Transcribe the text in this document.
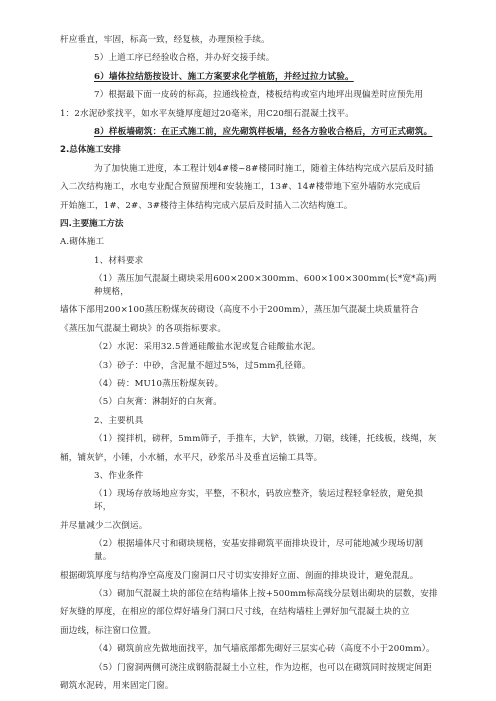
杆应垂直，牢固，标高一致，经复核，办理预检手续。

5）上道工序已经验收合格，并办好交接手续。

6）墙体拉结筋按设计、施工方案要求化学植筋，并经过拉力试验。

7）根据最下面一皮砖的标高，拉通线检查，楼板结构或室内地坪出现偏差时应预先用

1：2水泥砂浆找平，如水平灰缝厚度超过20毫米，用C20细石混凝土找平。

8）样板墙砌筑：在正式施工前，应先砌筑样板墙，经各方验收合格后，方可正式砌筑。

2.总体施工安排

为了加快施工进度，本工程计划4#楼~8#楼同时施工，随着主体结构完成六层后及时插

入二次结构施工，水电专业配合预留预埋和安装施工，13#、14#楼带地下室外墙防水完成后

开始施工，1#、2#、3#楼待主体结构完成六层后及时插入二次结构施工。

四.主要施工方法

A.砌体施工

1、材料要求

（1）蒸压加气混凝土砌块采用600×200×300mm、600×100×300mm(长*宽*高)两种规格，

墙体下部用200×100蒸压粉煤灰砖砌设（高度不小于200mm），蒸压加气混凝土块质量符合

《蒸压加气混凝土砌块》的各项指标要求。

（2）水泥：采用32.5普通硅酸盐水泥或复合硅酸盐水泥。

（3）砂子：中砂，含泥量不超过5%，过5mm孔径筛。

（4）砖：MU10蒸压粉煤灰砖。

（5）白灰膏：淋制好的白灰膏。

2、主要机具

（1）搅拌机，磅秤，5mm筛子，手推车，大铲，铁锹，刀锯，线锤，托线板，线绳，灰

桶，铺灰铲，小锤，小水桶，水平尺，砂浆吊斗及垂直运输工具等。

3、作业条件

（1）现场存放场地应夯实，平整，不积水，码放应整齐，装运过程轻拿轻放，避免损坏，

并尽量减少二次倒运。

（2）根据墙体尺寸和砌块规格，安基安排砌筑平面排块设计，尽可能地减少现场切割量。

根据砌筑厚度与结构净空高度及门窗洞口尺寸切实安排好立面、剖面的排块设计，避免混乱。

（3）砌加气混凝土块的部位在结构墙体上按+500mm标高线分层划出砌块的层数，安排

好灰缝的厚度，在相应的部位焊好墙身门洞口尺寸线，在结构墙柱上弹好加气混凝土块的立

面边线，标注窗口位置。

（4）砌筑前应先做地面找平，加气墙底部都先砌好三层实心砖（高度不小于200mm）。

（5）门窗洞两侧可浇注成钢筋混凝土小立柱，作为边框，也可以在砌筑同时按规定间距

砌筑水泥砖，用来固定门窗。
